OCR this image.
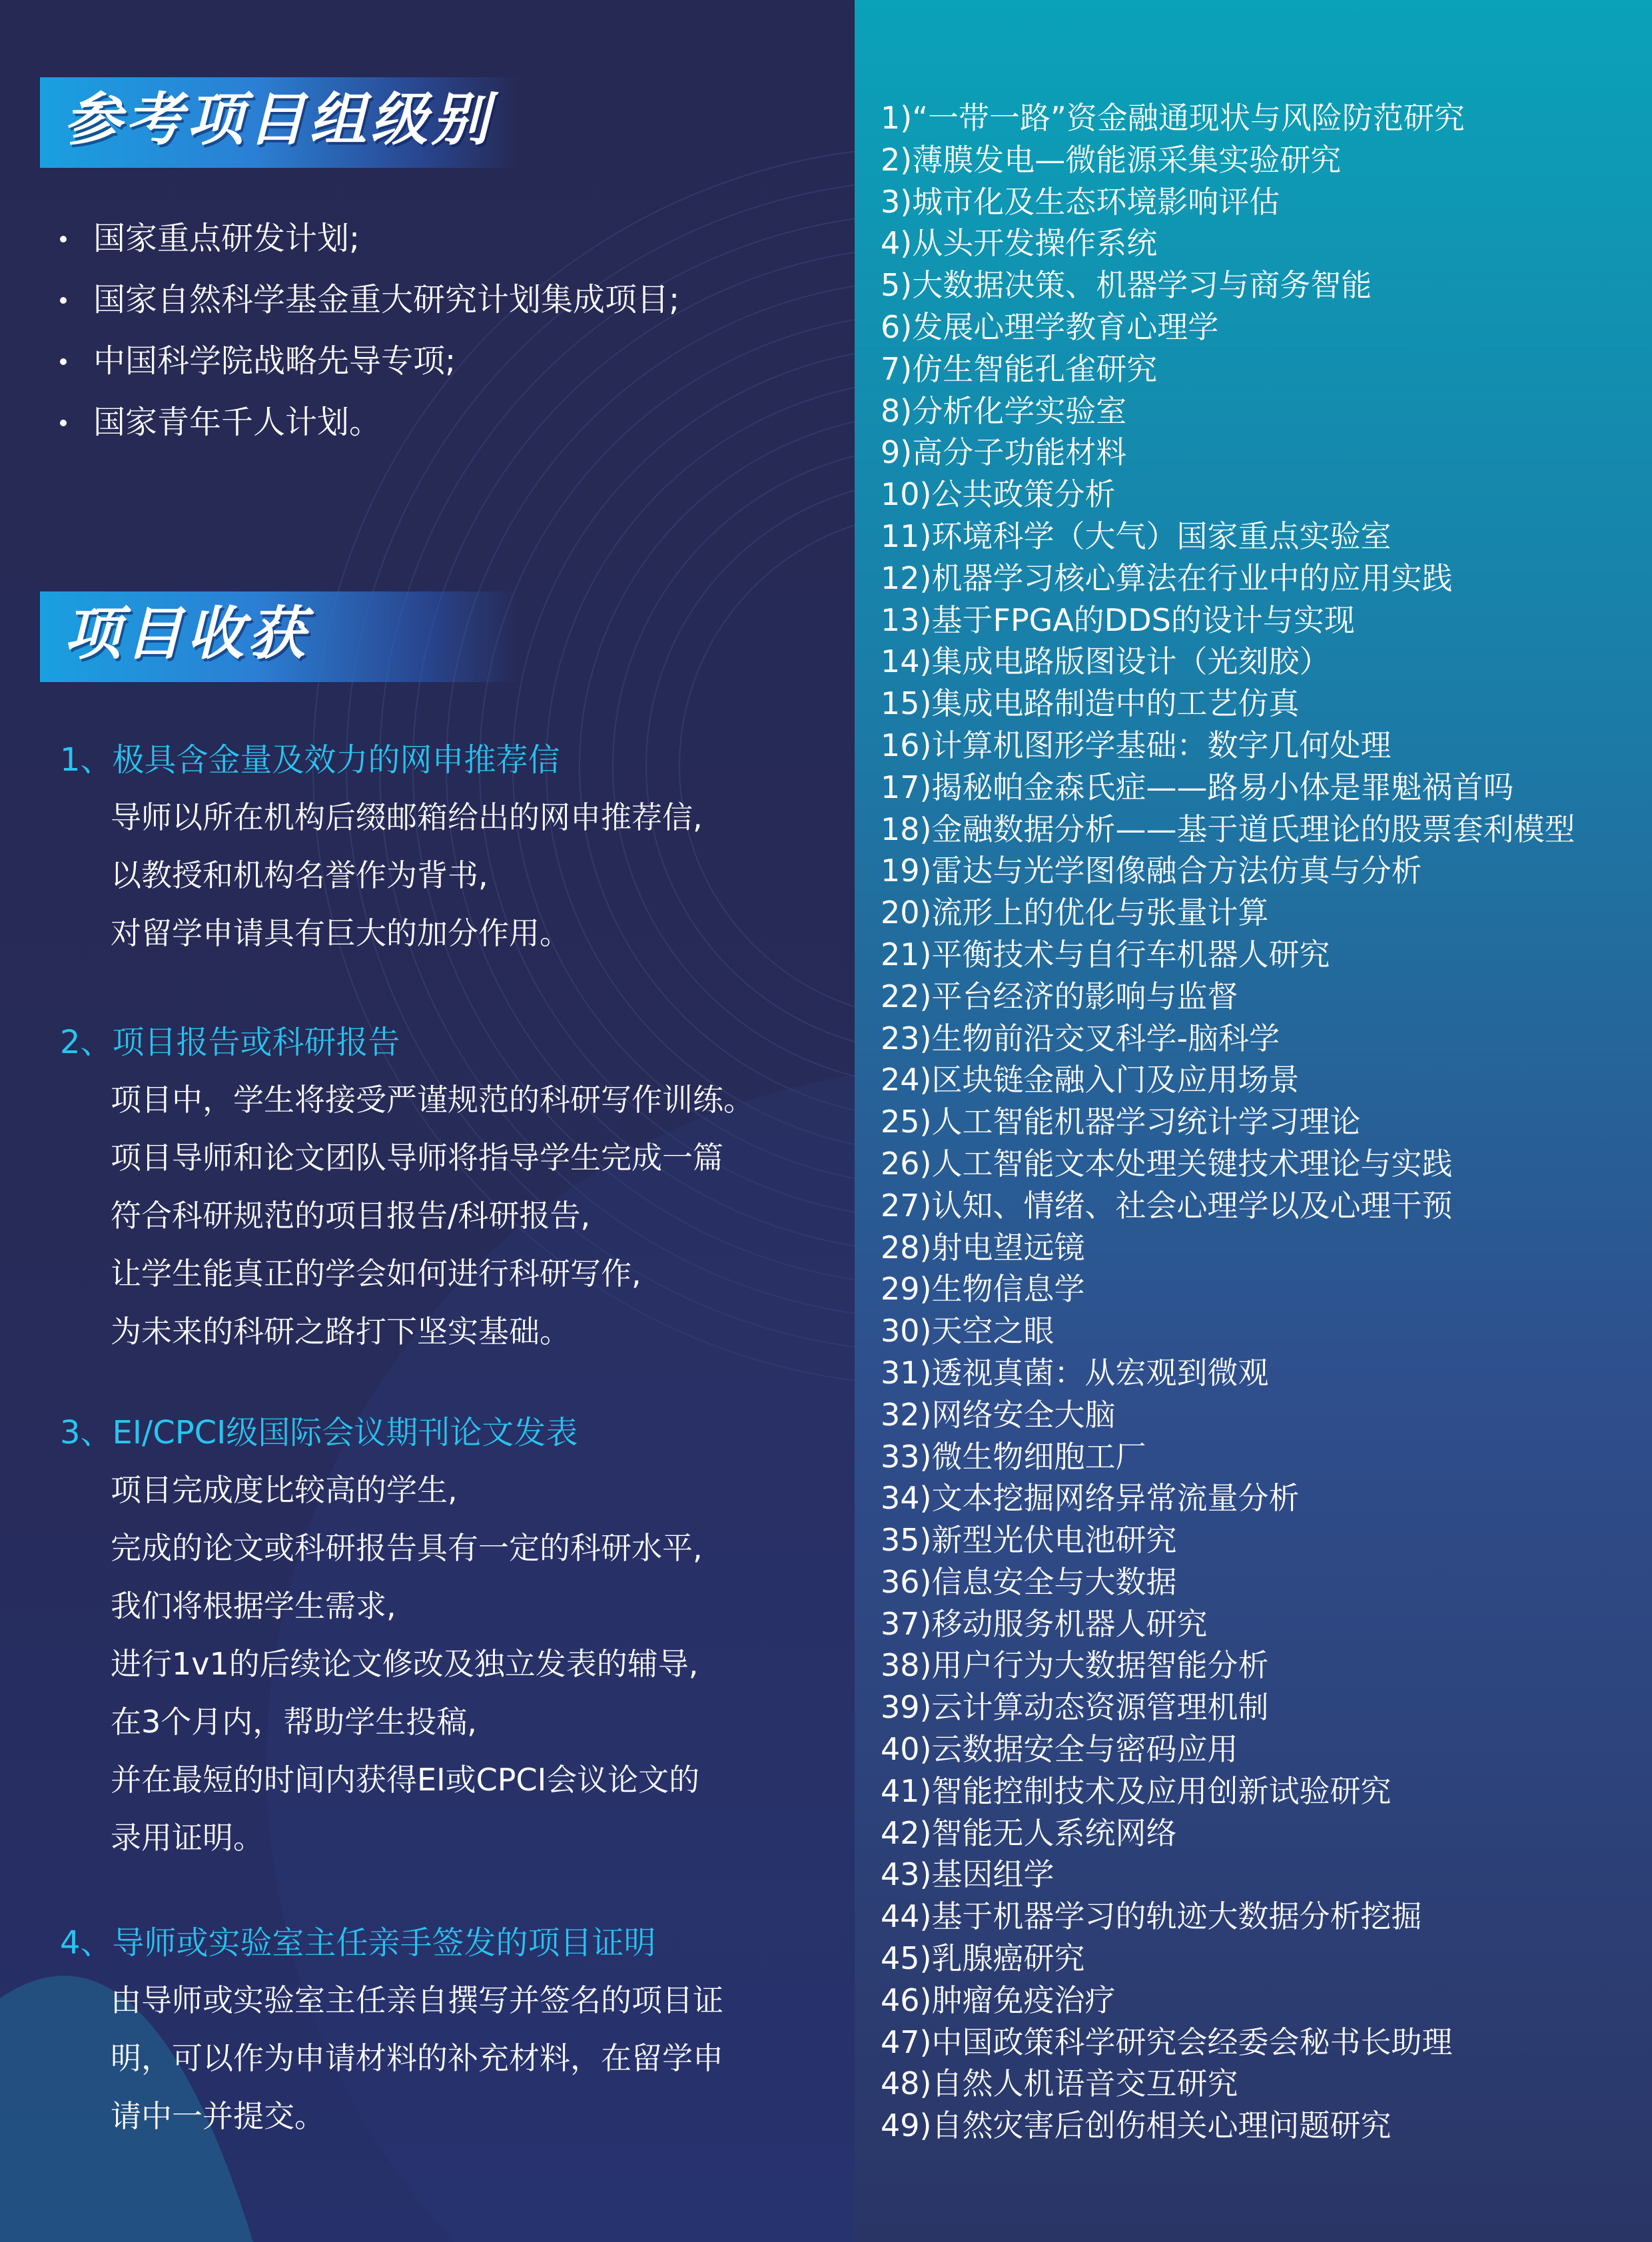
参考项目组级别
国家重点研发计划;
国家自然科学基金重大研究计划集成项目;
中国科学院战略先导专项;
国家青年千人计划。
项目收获
1、极具含金量及效力的网申推荐信
导师以所在机构后缀邮箱给出的网申推荐信,
以教授和机构名誉作为背书,
对留学申请具有巨大的加分作用。
2、项目报告或科研报告
项目中，学生将接受严谨规范的科研写作训练。
项目导师和论文团队导师将指导学生完成一篇
符合科研规范的项目报告/科研报告,
让学生能真正的学会如何进行科研写作,
为未来的科研之路打下坚实基础。
3、EI/CPCI级国际会议期刊论文发表
项目完成度比较高的学生,
完成的论文或科研报告具有一定的科研水平,
我们将根据学生需求,
进行1v1的后续论文修改及独立发表的辅导,
在3个月内，帮助学生投稿,
并在最短的时间内获得EI或CPCI会议论文的
录用证明。
4、导师或实验室主任亲手签发的项目证明
由导师或实验室主任亲自撰写并签名的项目证
明，可以作为申请材料的补充材料，在留学申
请中一并提交。
1)“一带一路”资金融通现状与风险防范研究
2)薄膜发电—微能源采集实验研究
3)城市化及生态环境影响评估
4)从头开发操作系统
5)大数据决策、机器学习与商务智能
6)发展心理学教育心理学
7)仿生智能孔雀研究
8)分析化学实验室
9)高分子功能材料
10)公共政策分析
11)环境科学（大气）国家重点实验室
12)机器学习核心算法在行业中的应用实践
13)基于FPGA的DDS的设计与实现
14)集成电路版图设计（光刻胶）
15)集成电路制造中的工艺仿真
16)计算机图形学基础：数字几何处理
17)揭秘帕金森氏症——路易小体是罪魁祸首吗
18)金融数据分析——基于道氏理论的股票套利模型
19)雷达与光学图像融合方法仿真与分析
20)流形上的优化与张量计算
21)平衡技术与自行车机器人研究
22)平台经济的影响与监督
23)生物前沿交叉科学-脑科学
24)区块链金融入门及应用场景
25)人工智能机器学习统计学习理论
26)人工智能文本处理关键技术理论与实践
27)认知、情绪、社会心理学以及心理干预
28)射电望远镜
29)生物信息学
30)天空之眼
31)透视真菌：从宏观到微观
32)网络安全大脑
33)微生物细胞工厂
34)文本挖掘网络异常流量分析
35)新型光伏电池研究
36)信息安全与大数据
37)移动服务机器人研究
38)用户行为大数据智能分析
39)云计算动态资源管理机制
40)云数据安全与密码应用
41)智能控制技术及应用创新试验研究
42)智能无人系统网络
43)基因组学
44)基于机器学习的轨迹大数据分析挖掘
45)乳腺癌研究
46)肿瘤免疫治疗
47)中国政策科学研究会经委会秘书长助理
48)自然人机语音交互研究
49)自然灾害后创伤相关心理问题研究
